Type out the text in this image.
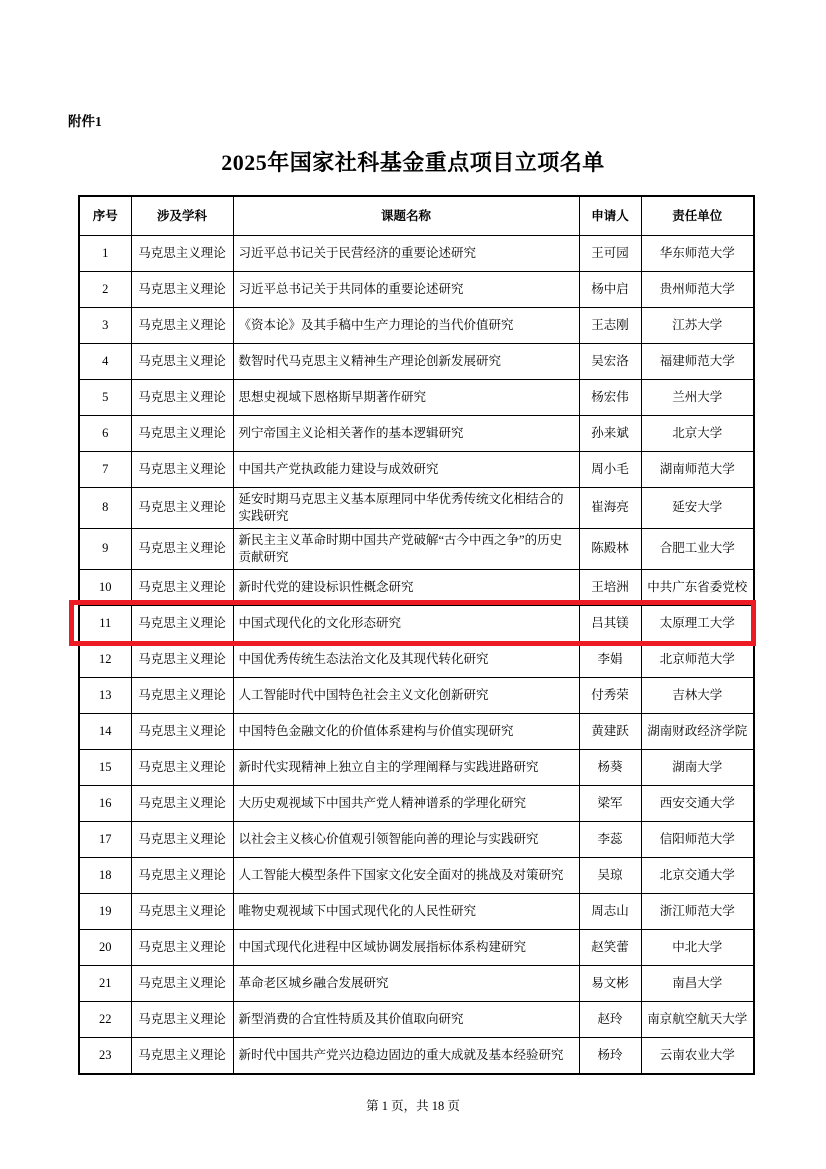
附件1
2025年国家社科基金重点项目立项名单
序号	涉及学科	课题名称	申请人	责任单位
1	马克思主义理论	习近平总书记关于民营经济的重要论述研究	王可园	华东师范大学
2	马克思主义理论	习近平总书记关于共同体的重要论述研究	杨中启	贵州师范大学
3	马克思主义理论	《资本论》及其手稿中生产力理论的当代价值研究	王志刚	江苏大学
4	马克思主义理论	数智时代马克思主义精神生产理论创新发展研究	吴宏洛	福建师范大学
5	马克思主义理论	思想史视域下恩格斯早期著作研究	杨宏伟	兰州大学
6	马克思主义理论	列宁帝国主义论相关著作的基本逻辑研究	孙来斌	北京大学
7	马克思主义理论	中国共产党执政能力建设与成效研究	周小毛	湖南师范大学
8	马克思主义理论	延安时期马克思主义基本原理同中华优秀传统文化相结合的实践研究	崔海亮	延安大学
9	马克思主义理论	新民主主义革命时期中国共产党破解“古今中西之争”的历史贡献研究	陈殿林	合肥工业大学
10	马克思主义理论	新时代党的建设标识性概念研究	王培洲	中共广东省委党校
11	马克思主义理论	中国式现代化的文化形态研究	吕其镁	太原理工大学
12	马克思主义理论	中国优秀传统生态法治文化及其现代转化研究	李娟	北京师范大学
13	马克思主义理论	人工智能时代中国特色社会主义文化创新研究	付秀荣	吉林大学
14	马克思主义理论	中国特色金融文化的价值体系建构与价值实现研究	黄建跃	湖南财政经济学院
15	马克思主义理论	新时代实现精神上独立自主的学理阐释与实践进路研究	杨葵	湖南大学
16	马克思主义理论	大历史观视域下中国共产党人精神谱系的学理化研究	梁军	西安交通大学
17	马克思主义理论	以社会主义核心价值观引领智能向善的理论与实践研究	李蕊	信阳师范大学
18	马克思主义理论	人工智能大模型条件下国家文化安全面对的挑战及对策研究	吴琼	北京交通大学
19	马克思主义理论	唯物史观视域下中国式现代化的人民性研究	周志山	浙江师范大学
20	马克思主义理论	中国式现代化进程中区域协调发展指标体系构建研究	赵笑蕾	中北大学
21	马克思主义理论	革命老区城乡融合发展研究	易文彬	南昌大学
22	马克思主义理论	新型消费的合宜性特质及其价值取向研究	赵玲	南京航空航天大学
23	马克思主义理论	新时代中国共产党兴边稳边固边的重大成就及基本经验研究	杨玲	云南农业大学
第 1 页，共 18 页
